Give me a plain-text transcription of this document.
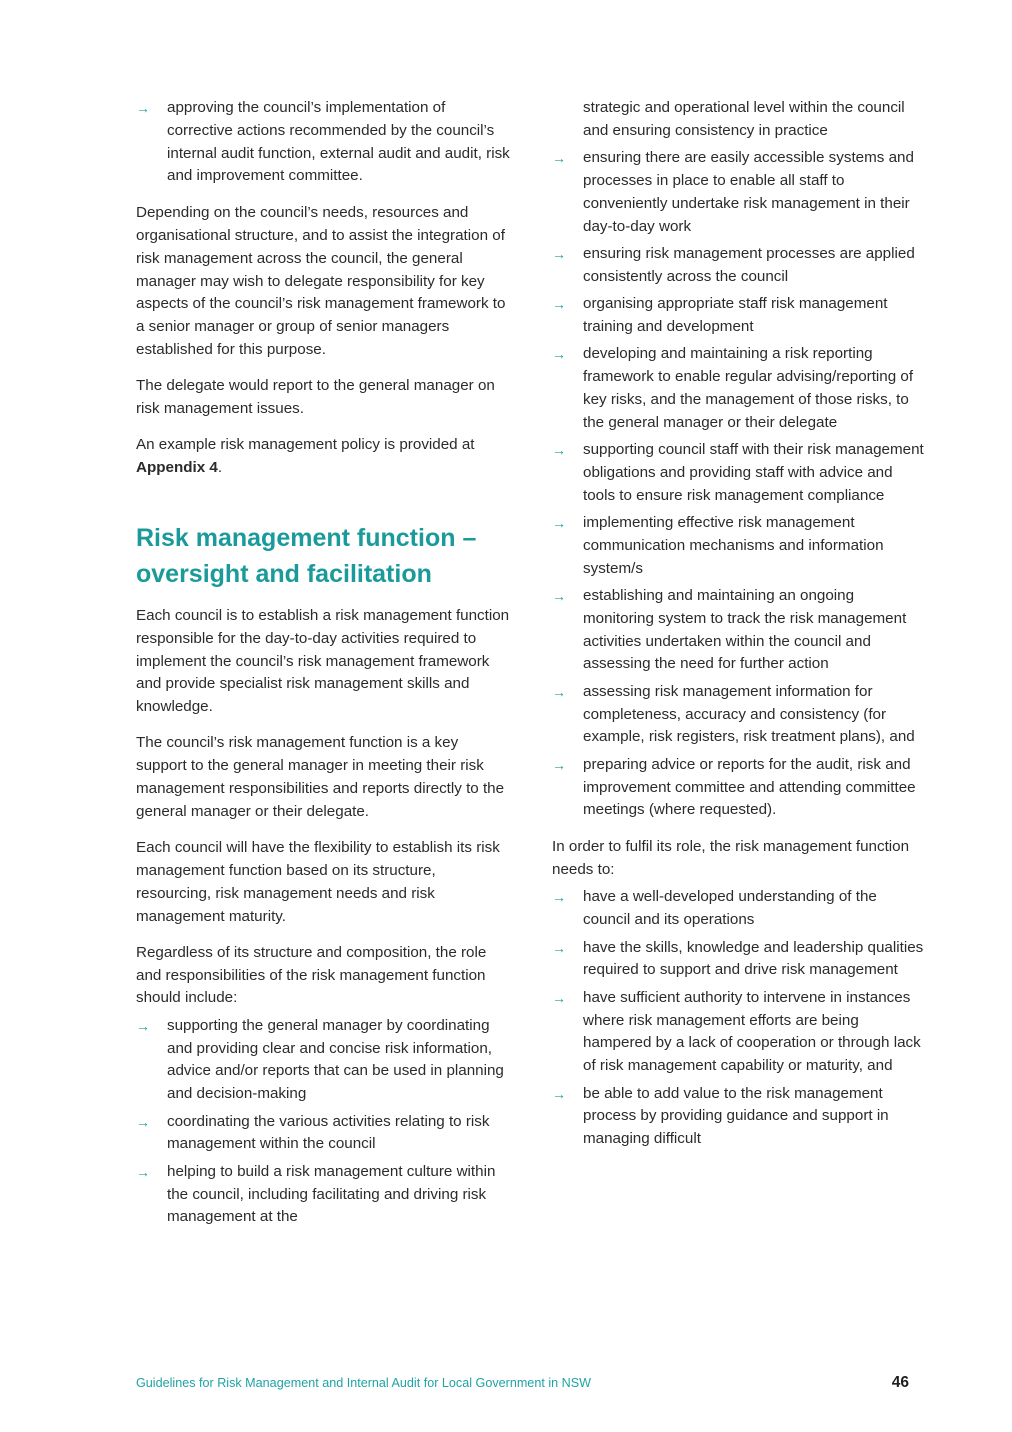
→ approving the council’s implementation of corrective actions recommended by the council’s internal audit function, external audit and audit, risk and improvement committee.

Depending on the council’s needs, resources and organisational structure, and to assist the integration of risk management across the council, the general manager may wish to delegate responsibility for key aspects of the council’s risk management framework to a senior manager or group of senior managers established for this purpose.

The delegate would report to the general manager on risk management issues.

An example risk management policy is provided at Appendix 4.

Risk management function – oversight and facilitation

Each council is to establish a risk management function responsible for the day-to-day activities required to implement the council’s risk management framework and provide specialist risk management skills and knowledge.

The council’s risk management function is a key support to the general manager in meeting their risk management responsibilities and reports directly to the general manager or their delegate.

Each council will have the flexibility to establish its risk management function based on its structure, resourcing, risk management needs and risk management maturity.

Regardless of its structure and composition, the role and responsibilities of the risk management function should include:

→ supporting the general manager by coordinating and providing clear and concise risk information, advice and/or reports that can be used in planning and decision-making
→ coordinating the various activities relating to risk management within the council
→ helping to build a risk management culture within the council, including facilitating and driving risk management at the
strategic and operational level within the council and ensuring consistency in practice
→ ensuring there are easily accessible systems and processes in place to enable all staff to conveniently undertake risk management in their day-to-day work
→ ensuring risk management processes are applied consistently across the council
→ organising appropriate staff risk management training and development
→ developing and maintaining a risk reporting framework to enable regular advising/reporting of key risks, and the management of those risks, to the general manager or their delegate
→ supporting council staff with their risk management obligations and providing staff with advice and tools to ensure risk management compliance
→ implementing effective risk management communication mechanisms and information system/s
→ establishing and maintaining an ongoing monitoring system to track the risk management activities undertaken within the council and assessing the need for further action
→ assessing risk management information for completeness, accuracy and consistency (for example, risk registers, risk treatment plans), and
→ preparing advice or reports for the audit, risk and improvement committee and attending committee meetings (where requested).

In order to fulfil its role, the risk management function needs to:

→ have a well-developed understanding of the council and its operations
→ have the skills, knowledge and leadership qualities required to support and drive risk management
→ have sufficient authority to intervene in instances where risk management efforts are being hampered by a lack of cooperation or through lack of risk management capability or maturity, and
→ be able to add value to the risk management process by providing guidance and support in managing difficult
Guidelines for Risk Management and Internal Audit for Local Government in NSW	46
